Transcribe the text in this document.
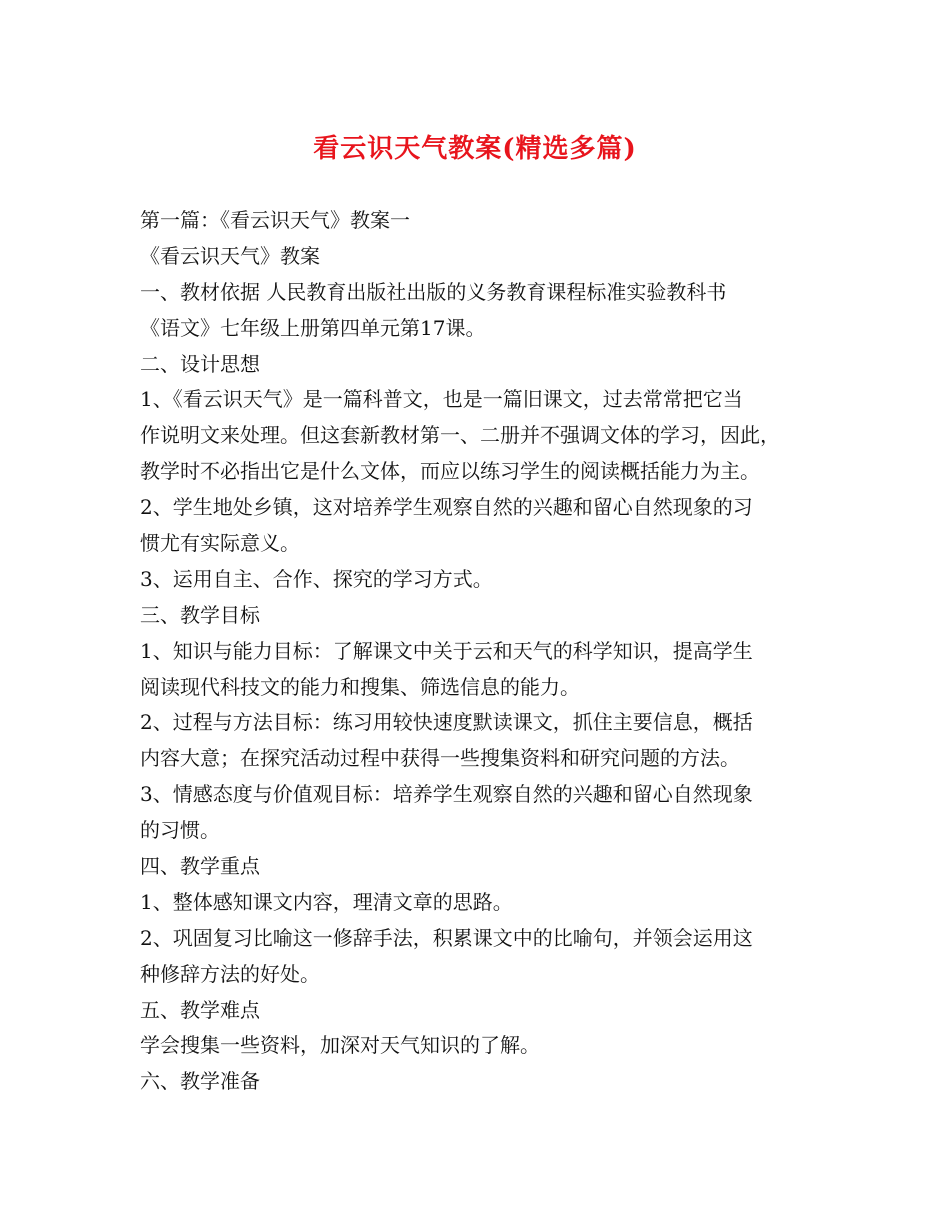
看云识天气教案(精选多篇)
第一篇：《看云识天气》教案一
《看云识天气》教案
一、教材依据 人民教育出版社出版的义务教育课程标准实验教科书
《语文》七年级上册第四单元第17课。
二、设计思想
1、《看云识天气》是一篇科普文，也是一篇旧课文，过去常常把它当
作说明文来处理。但这套新教材第一、二册并不强调文体的学习，因此，
教学时不必指出它是什么文体，而应以练习学生的阅读概括能力为主。
2、学生地处乡镇，这对培养学生观察自然的兴趣和留心自然现象的习
惯尤有实际意义。
3、运用自主、合作、探究的学习方式。
三、教学目标
1、知识与能力目标：了解课文中关于云和天气的科学知识，提高学生
阅读现代科技文的能力和搜集、筛选信息的能力。
2、过程与方法目标：练习用较快速度默读课文，抓住主要信息，概括
内容大意；在探究活动过程中获得一些搜集资料和研究问题的方法。
3、情感态度与价值观目标：培养学生观察自然的兴趣和留心自然现象
的习惯。
四、教学重点
1、整体感知课文内容，理清文章的思路。
2、巩固复习比喻这一修辞手法，积累课文中的比喻句，并领会运用这
种修辞方法的好处。
五、教学难点
学会搜集一些资料，加深对天气知识的了解。
六、教学准备
